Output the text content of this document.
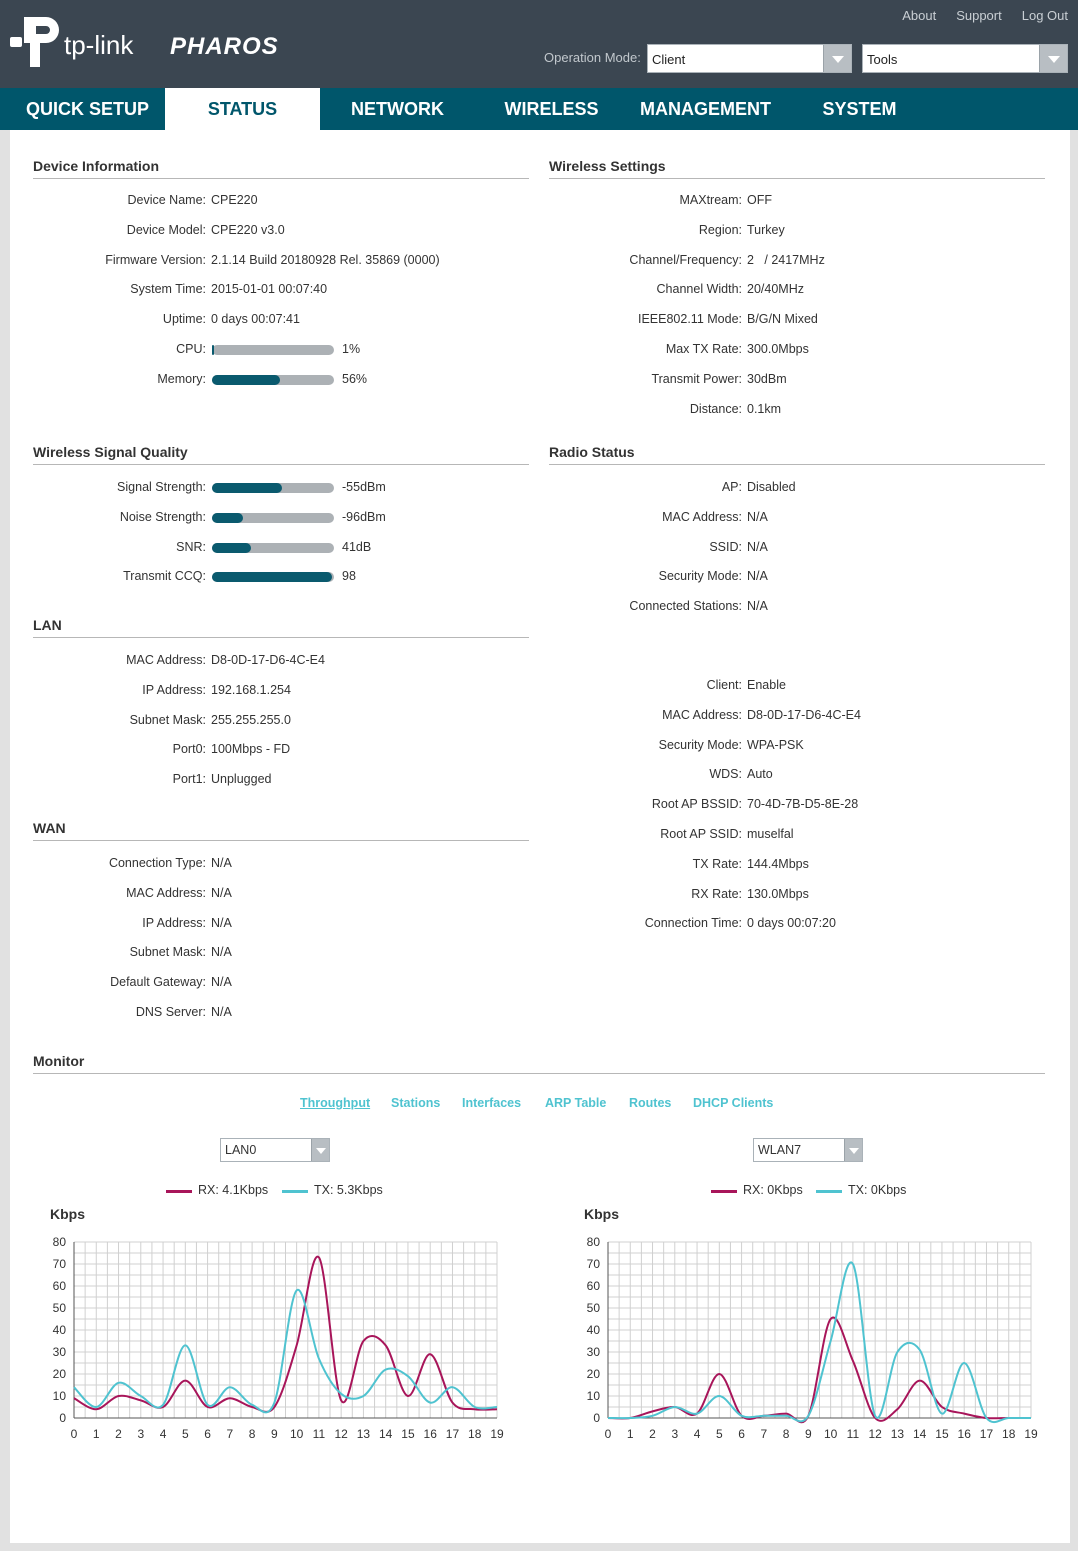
tp-link PHAROS
About Support Log Out
Operation Mode: Client	Tools
QUICK SETUP	STATUS	NETWORK	WIRELESS	MANAGEMENT	SYSTEM
Device Information	Wireless Settings
Wireless Signal Quality	Radio Status
LAN
WAN
Monitor
Device Name: CPE220
Device Model: CPE220 v3.0
Firmware Version: 2.1.14 Build 20180928 Rel. 35869 (0000)
System Time: 2015-01-01 00:07:40
Uptime: 0 days 00:07:41
CPU:	1%
Memory:	56%
MAXtream: OFF
Region: Turkey
Channel/Frequency: 2   / 2417MHz
Channel Width: 20/40MHz
IEEE802.11 Mode: B/G/N Mixed
Max TX Rate: 300.0Mbps
Transmit Power: 30dBm
Distance: 0.1km
Signal Strength:	-55dBm
Noise Strength:	-96dBm
SNR:	41dB
Transmit CCQ:	98
AP: Disabled
MAC Address: N/A
SSID: N/A
Security Mode: N/A
Connected Stations: N/A
Client: Enable
MAC Address: D8-0D-17-D6-4C-E4
Security Mode: WPA-PSK
WDS: Auto
Root AP BSSID: 70-4D-7B-D5-8E-28
Root AP SSID: muselfal
TX Rate: 144.4Mbps
RX Rate: 130.0Mbps
Connection Time: 0 days 00:07:20
MAC Address: D8-0D-17-D6-4C-E4
IP Address: 192.168.1.254
Subnet Mask: 255.255.255.0
Port0: 100Mbps - FD
Port1: Unplugged
Connection Type: N/A
MAC Address: N/A
IP Address: N/A
Subnet Mask: N/A
Default Gateway: N/A
DNS Server: N/A
Throughput Stations Interfaces ARP Table Routes DHCP Clients
LAN0	WLAN7
RX: 4.1Kbps	TX: 5.3Kbps	RX: 0Kbps	TX: 0Kbps
Kbps	Kbps
0
10
20
30
40
50
60
70
80
0 1 2 3 4 5 6 7 8 9 10 11 12 13 14 15 16 17 18 19
0
10
20
30
40
50
60
70
80
0 1 2 3 4 5 6 7 8 9 10 11 12 13 14 15 16 17 18 19
